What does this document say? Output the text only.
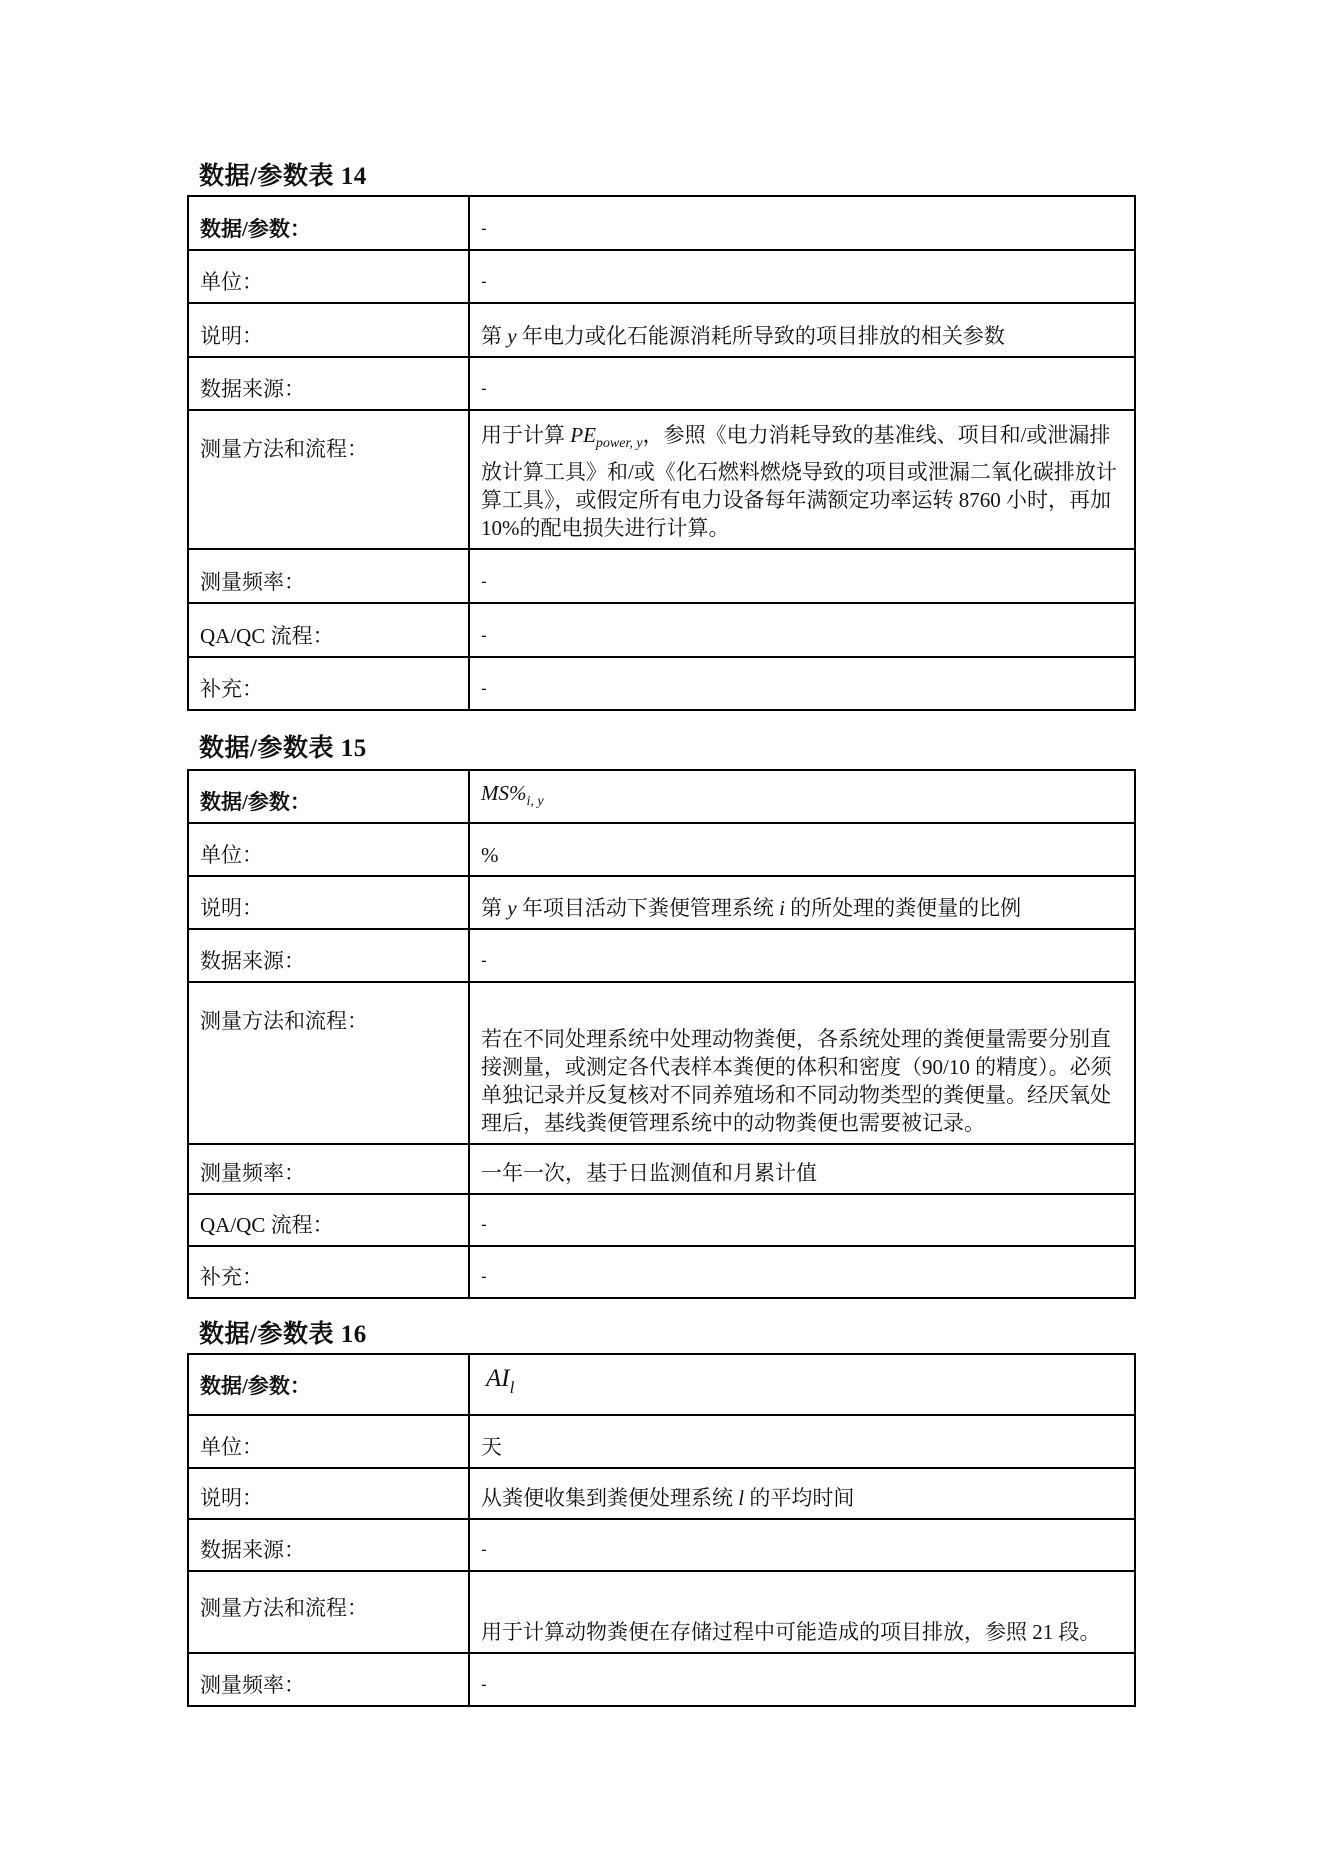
数据/参数表 14
数据/参数：	-
单位：	-
说明：	第 y 年电力或化石能源消耗所导致的项目排放的相关参数
数据来源：	-
测量方法和流程：	用于计算 $PE_{power, y}$，参照《电力消耗导致的基准线、项目和/或泄漏排放计算工具》和/或《化石燃料燃烧导致的项目或泄漏二氧化碳排放计算工具》，或假定所有电力设备每年满额定功率运转 8760 小时，再加 10%的配电损失进行计算。
测量频率：	-
QA/QC 流程：	-
补充：	-
数据/参数表 15
数据/参数：	$MS\%_{i, y}$
单位：	%
说明：	第 y 年项目活动下粪便管理系统 i 的所处理的粪便量的比例
数据来源：	-
测量方法和流程：	若在不同处理系统中处理动物粪便，各系统处理的粪便量需要分别直接测量，或测定各代表样本粪便的体积和密度（90/10 的精度）。必须单独记录并反复核对不同养殖场和不同动物类型的粪便量。经厌氧处理后，基线粪便管理系统中的动物粪便也需要被记录。
测量频率：	一年一次，基于日监测值和月累计值
QA/QC 流程：	-
补充：	-
数据/参数表 16
数据/参数：	$AI_l$
单位：	天
说明：	从粪便收集到粪便处理系统 l 的平均时间
数据来源：	-
测量方法和流程：	用于计算动物粪便在存储过程中可能造成的项目排放，参照 21 段。
测量频率：	-
